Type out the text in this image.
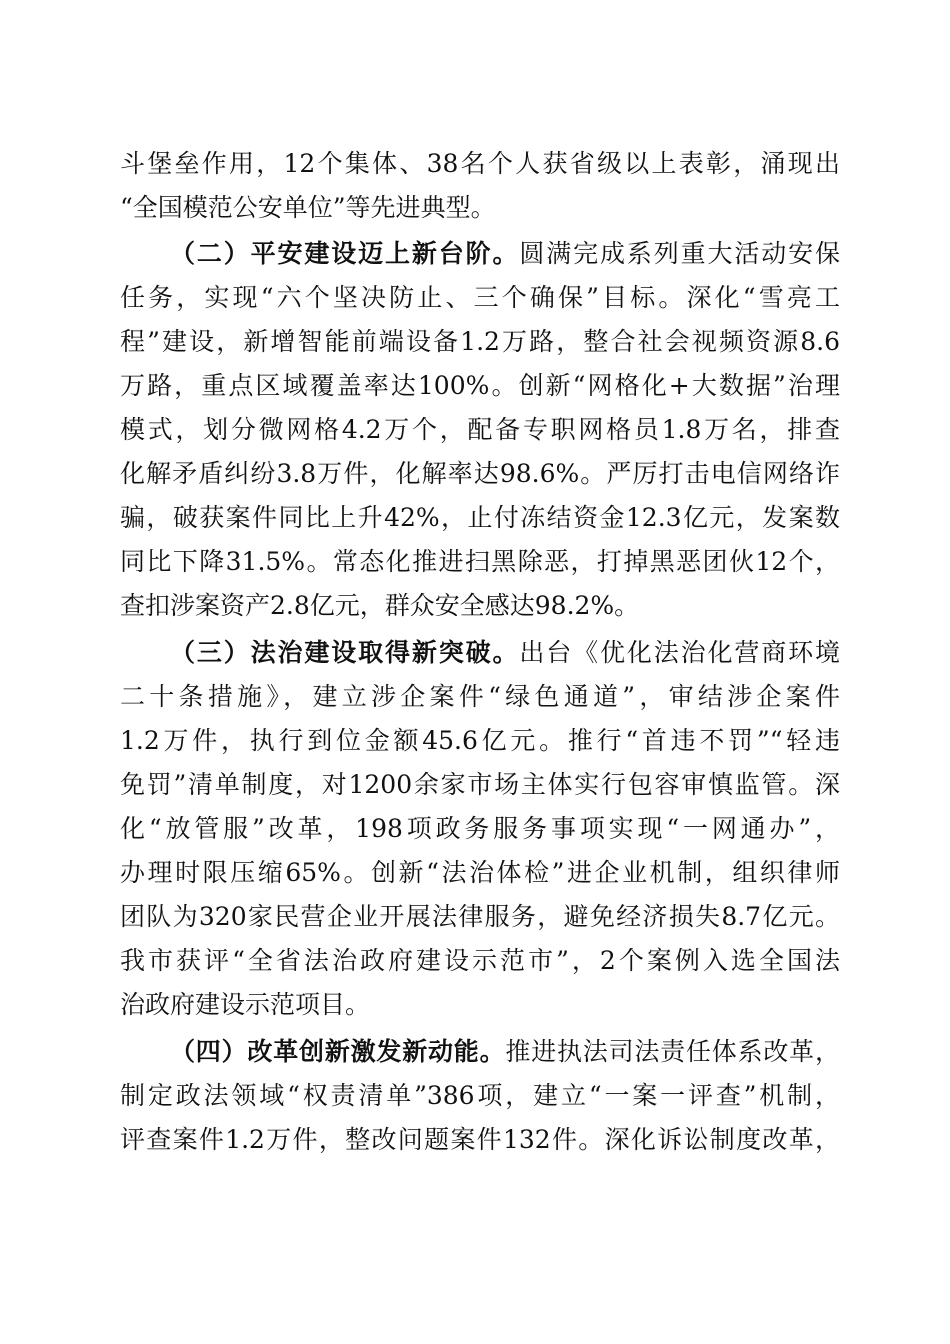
斗堡垒作用，12个集体、38名个人获省级以上表彰，涌现出
“全国模范公安单位”等先进典型。
（二）平安建设迈上新台阶。圆满完成系列重大活动安保
任务，实现“六个坚决防止、三个确保”目标。深化“雪亮工
程”建设，新增智能前端设备1.2万路，整合社会视频资源8.6
万路，重点区域覆盖率达100%。创新“网格化+大数据”治理
模式，划分微网格4.2万个，配备专职网格员1.8万名，排查
化解矛盾纠纷3.8万件，化解率达98.6%。严厉打击电信网络诈
骗，破获案件同比上升42%，止付冻结资金12.3亿元，发案数
同比下降31.5%。常态化推进扫黑除恶，打掉黑恶团伙12个，
查扣涉案资产2.8亿元，群众安全感达98.2%。
（三）法治建设取得新突破。出台《优化法治化营商环境
二十条措施》，建立涉企案件“绿色通道”，审结涉企案件
1.2万件，执行到位金额45.6亿元。推行“首违不罚”“轻违
免罚”清单制度，对1200余家市场主体实行包容审慎监管。深
化“放管服”改革，198项政务服务事项实现“一网通办”，
办理时限压缩65%。创新“法治体检”进企业机制，组织律师
团队为320家民营企业开展法律服务，避免经济损失8.7亿元。
我市获评“全省法治政府建设示范市”，2个案例入选全国法
治政府建设示范项目。
（四）改革创新激发新动能。推进执法司法责任体系改革，
制定政法领域“权责清单”386项，建立“一案一评查”机制，
评查案件1.2万件，整改问题案件132件。深化诉讼制度改革，
